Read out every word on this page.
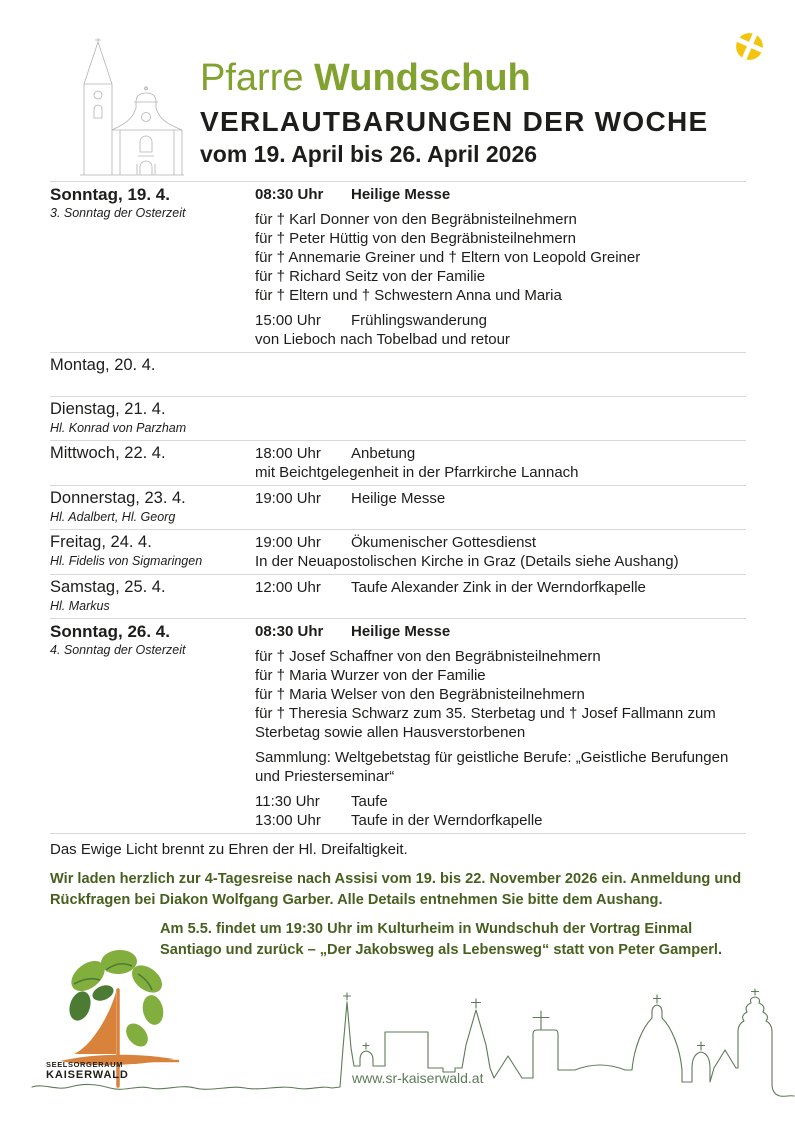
Pfarre Wundschuh
VERLAUTBARUNGEN DER WOCHE
vom 19. April bis 26. April 2026
Sonntag, 19. 4.
3. Sonntag der Osterzeit
08:30 Uhr Heilige Messe
für † Karl Donner von den Begräbnisteilnehmern
für † Peter Hüttig von den Begräbnisteilnehmern
für † Annemarie Greiner und † Eltern von Leopold Greiner
für † Richard Seitz von der Familie
für † Eltern und † Schwestern Anna und Maria
15:00 Uhr Frühlingswanderung
von Lieboch nach Tobelbad und retour
Montag, 20. 4.
Dienstag, 21. 4.
Hl. Konrad von Parzham
Mittwoch, 22. 4.	18:00 Uhr Anbetung
mit Beichtgelegenheit in der Pfarrkirche Lannach
Donnerstag, 23. 4.
Hl. Adalbert, Hl. Georg
19:00 Uhr Heilige Messe
Freitag, 24. 4.
Hl. Fidelis von Sigmaringen
19:00 Uhr Ökumenischer Gottesdienst
In der Neuapostolischen Kirche in Graz (Details siehe Aushang)
Samstag, 25. 4.
Hl. Markus
12:00 Uhr Taufe Alexander Zink in der Werndorfkapelle
Sonntag, 26. 4.
4. Sonntag der Osterzeit
08:30 Uhr Heilige Messe
für † Josef Schaffner von den Begräbnisteilnehmern
für † Maria Wurzer von der Familie
für † Maria Welser von den Begräbnisteilnehmern
für † Theresia Schwarz zum 35. Sterbetag und † Josef Fallmann zum Sterbetag sowie allen Hausverstorbenen
Sammlung: Weltgebetstag für geistliche Berufe: „Geistliche Berufungen und Priesterseminar“
11:30 Uhr Taufe
13:00 Uhr Taufe in der Werndorfkapelle

Das Ewige Licht brennt zu Ehren der Hl. Dreifaltigkeit.

Wir laden herzlich zur 4-Tagesreise nach Assisi vom 19. bis 22. November 2026 ein. Anmeldung und Rückfragen bei Diakon Wolfgang Garber. Alle Details entnehmen Sie bitte dem Aushang.

Am 5.5. findet um 19:30 Uhr im Kulturheim in Wundschuh der Vortrag Einmal Santiago und zurück – „Der Jakobsweg als Lebensweg“ statt von Peter Gamperl.

SEELSORGERAUM
KAISERWALD	www.sr-kaiserwald.at
